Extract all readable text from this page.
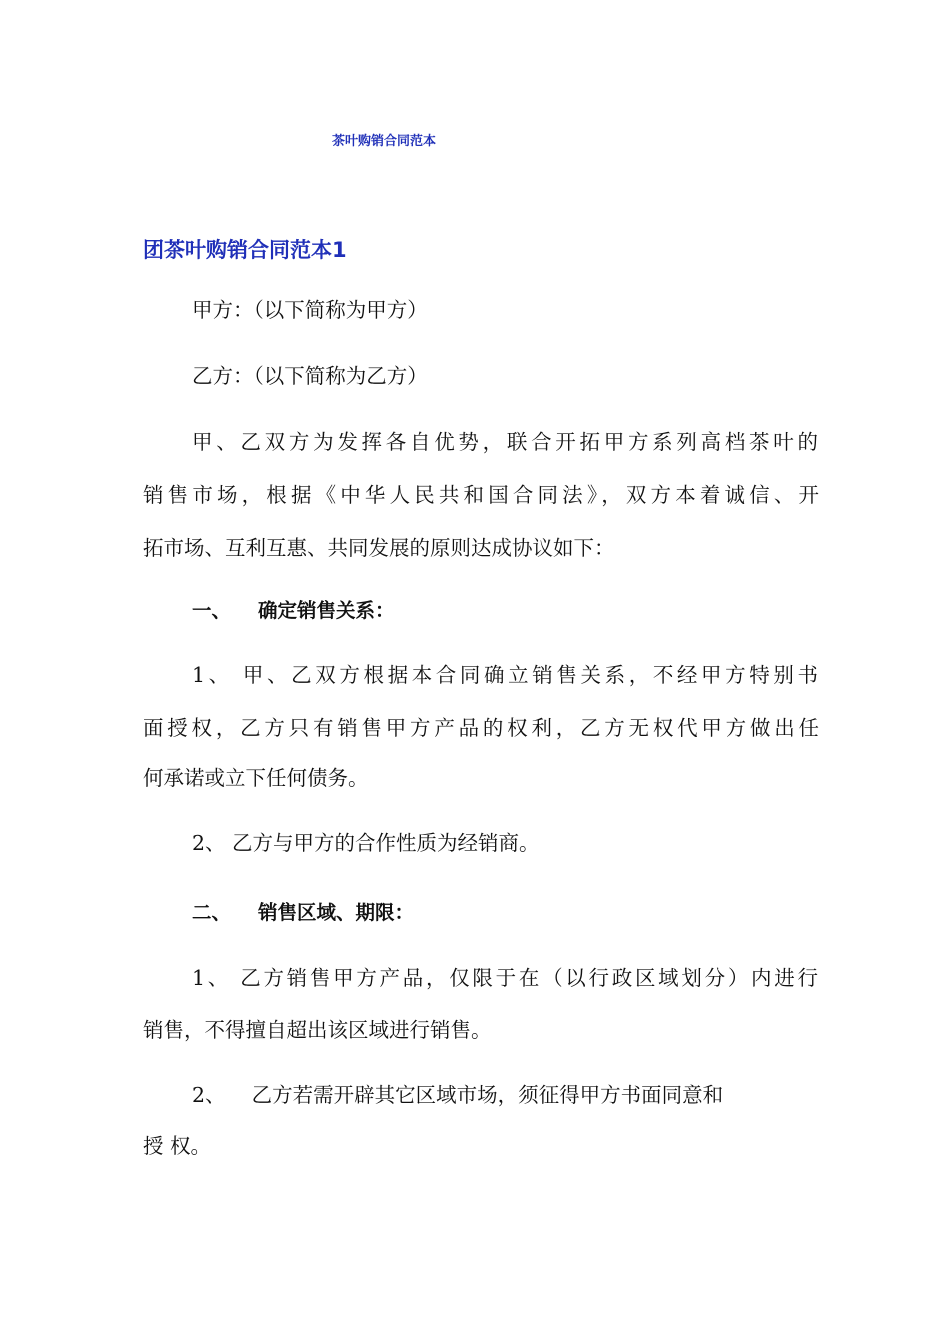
茶叶购销合同范本
团茶叶购销合同范本1
甲方：（以下简称为甲方）
乙方：（以下简称为乙方）
甲、乙双方为发挥各自优势，联合开拓甲方系列高档茶叶的
销售市场，根据《中华人民共和国合同法》，双方本着诚信、开
拓市场、互利互惠、共同发展的原则达成协议如下：
一、 确定销售关系：
1、 甲、乙双方根据本合同确立销售关系，不经甲方特别书
面授权，乙方只有销售甲方产品的权利，乙方无权代甲方做出任
何承诺或立下任何债务。
2、 乙方与甲方的合作性质为经销商。
二、 销售区域、期限：
1、 乙方销售甲方产品，仅限于在（以行政区域划分）内进行
销售，不得擅自超出该区域进行销售。
2、    乙方若需开辟其它区域市场，须征得甲方书面同意和
授 权。
